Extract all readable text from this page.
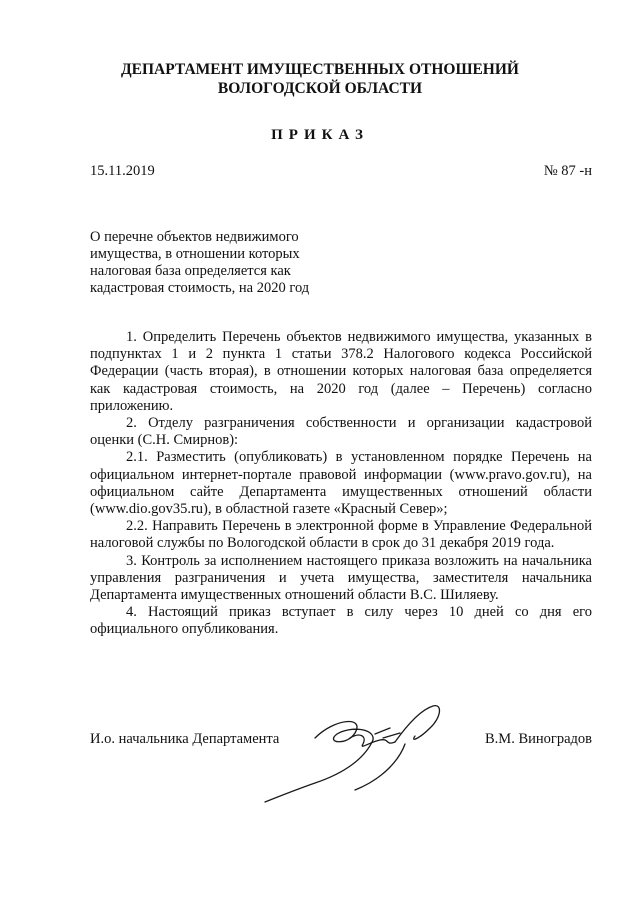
ДЕПАРТАМЕНТ ИМУЩЕСТВЕННЫХ ОТНОШЕНИЙ
ВОЛОГОДСКОЙ ОБЛАСТИ
ПРИКАЗ
15.11.2019	№ 87 -н
О перечне объектов недвижимого
имущества, в отношении которых
налоговая база определяется как
кадастровая стоимость, на 2020 год

1. Определить Перечень объектов недвижимого имущества, указанных в подпунктах 1 и 2 пункта 1 статьи 378.2 Налогового кодекса Российской Федерации (часть вторая), в отношении которых налоговая база определяется как кадастровая стоимость, на 2020 год (далее – Перечень) согласно приложению.

2. Отделу разграничения собственности и организации кадастровой оценки (С.Н. Смирнов):

2.1. Разместить (опубликовать) в установленном порядке Перечень на официальном интернет-портале правовой информации (www.pravo.gov.ru), на официальном сайте Департамента имущественных отношений области (www.dio.gov35.ru), в областной газете «Красный Север»;

2.2. Направить Перечень в электронной форме в Управление Федеральной налоговой службы по Вологодской области в срок до 31 декабря 2019 года.

3. Контроль за исполнением настоящего приказа возложить на начальника управления разграничения и учета имущества, заместителя начальника Департамента имущественных отношений области В.С. Шиляеву.

4. Настоящий приказ вступает в силу через 10 дней со дня его официального опубликования.

И.о. начальника Департамента	В.М. Виноградов
